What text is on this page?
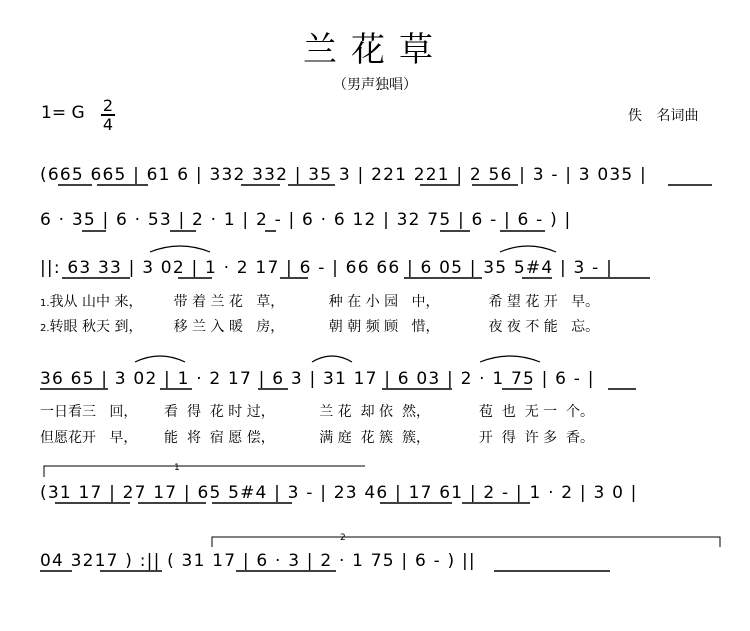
兰花草
（男声独唱）
1= G 2
4	佚 名词曲
(665 665 | 61 6 | 332 332 | 35 3 | 221 221 | 2 56 | 3 - | 3 035 |
6 · 35 | 6 · 53 | 2 · 1 | 2 - | 6 · 6 12 | 32 75 | 6 - | 6 - ) |
||: 63 33 | 3 02 | 1 · 2 17 | 6 - | 66 66 | 6 05 | 35 5#4 | 3 - |
36 65 | 3 02 | 1 · 2 17 | 6 3 | 31 17 | 6 03 | 2 · 1 75 | 6 - |
1
(31 17 | 27 17 | 65 5#4 | 3 - | 23 46 | 17 61 | 2 - | 1 · 2 | 3 0 |
2
04 3217 ) :|| ( 31 17 | 6 · 3 | 2 · 1 75 | 6 - ) ||
1.我从 山中 来，       带 着 兰 花   草，          种 在 小 园   中，           希 望 花 开   早。
2.转眼 秋天 到，       移 兰 入 暖   房，          朝 朝 频 顾   惜，           夜 夜 不 能   忘。
一日看三   回，      看  得  花 时 过，          兰 花  却 依  然，           苞  也  无 一  个。
但愿花开   早，      能  将  宿 愿 偿，          满 庭  花 簇  簇，           开  得  许 多  香。
